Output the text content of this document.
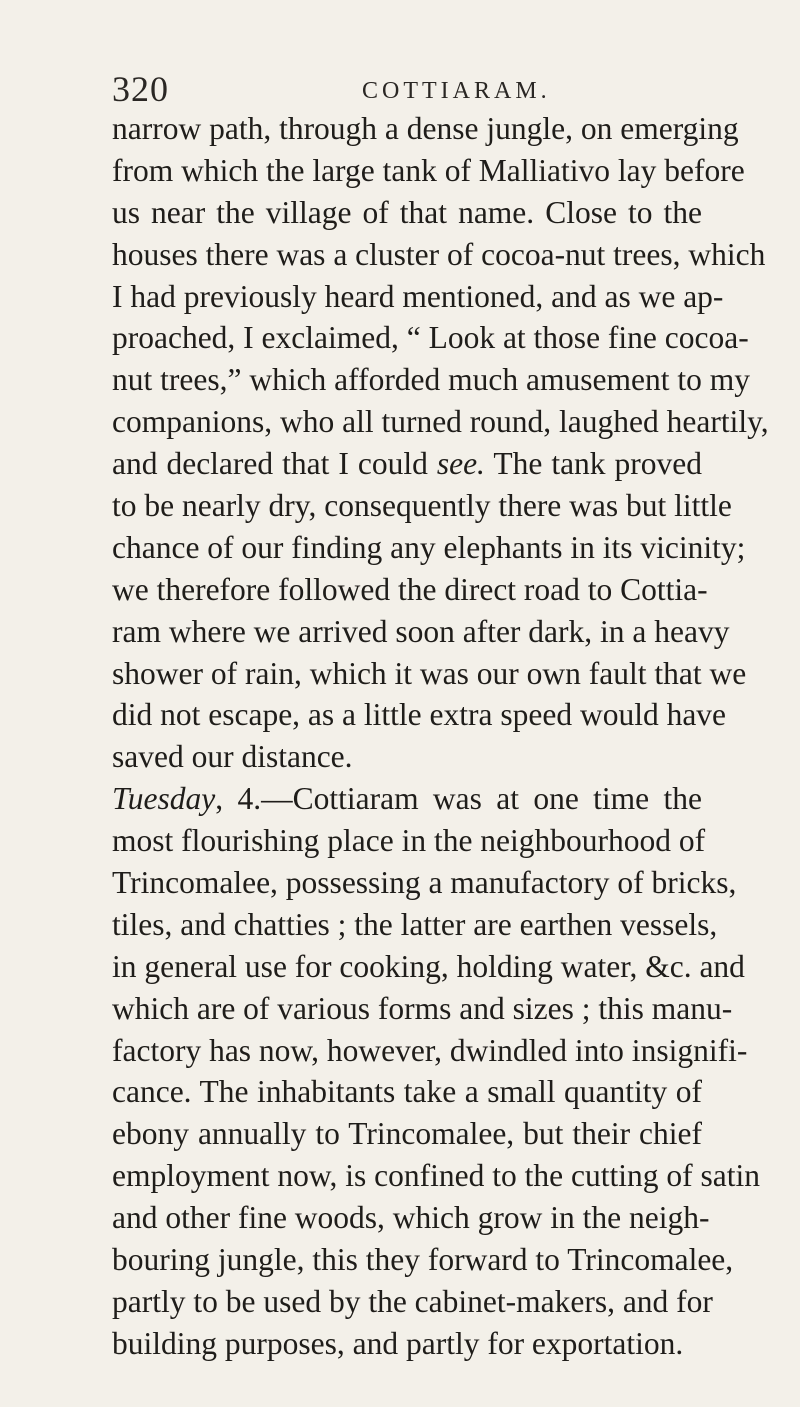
320	COTTIARAM.
narrow path, through a dense jungle, on emerging
from which the large tank of Malliativo lay before
us near the village of that name. Close to the
houses there was a cluster of cocoa-nut trees, which
I had previously heard mentioned, and as we ap-
proached, I exclaimed, “ Look at those fine cocoa-
nut trees,” which afforded much amusement to my
companions, who all turned round, laughed heartily,
and declared that I could see. The tank proved
to be nearly dry, consequently there was but little
chance of our finding any elephants in its vicinity;
we therefore followed the direct road to Cottia-
ram where we arrived soon after dark, in a heavy
shower of rain, which it was our own fault that we
did not escape, as a little extra speed would have
saved our distance.
Tuesday, 4.—Cottiaram was at one time the
most flourishing place in the neighbourhood of
Trincomalee, possessing a manufactory of bricks,
tiles, and chatties ; the latter are earthen vessels,
in general use for cooking, holding water, &c. and
which are of various forms and sizes ; this manu-
factory has now, however, dwindled into insignifi-
cance. The inhabitants take a small quantity of
ebony annually to Trincomalee, but their chief
employment now, is confined to the cutting of satin
and other fine woods, which grow in the neigh-
bouring jungle, this they forward to Trincomalee,
partly to be used by the cabinet-makers, and for
building purposes, and partly for exportation.
